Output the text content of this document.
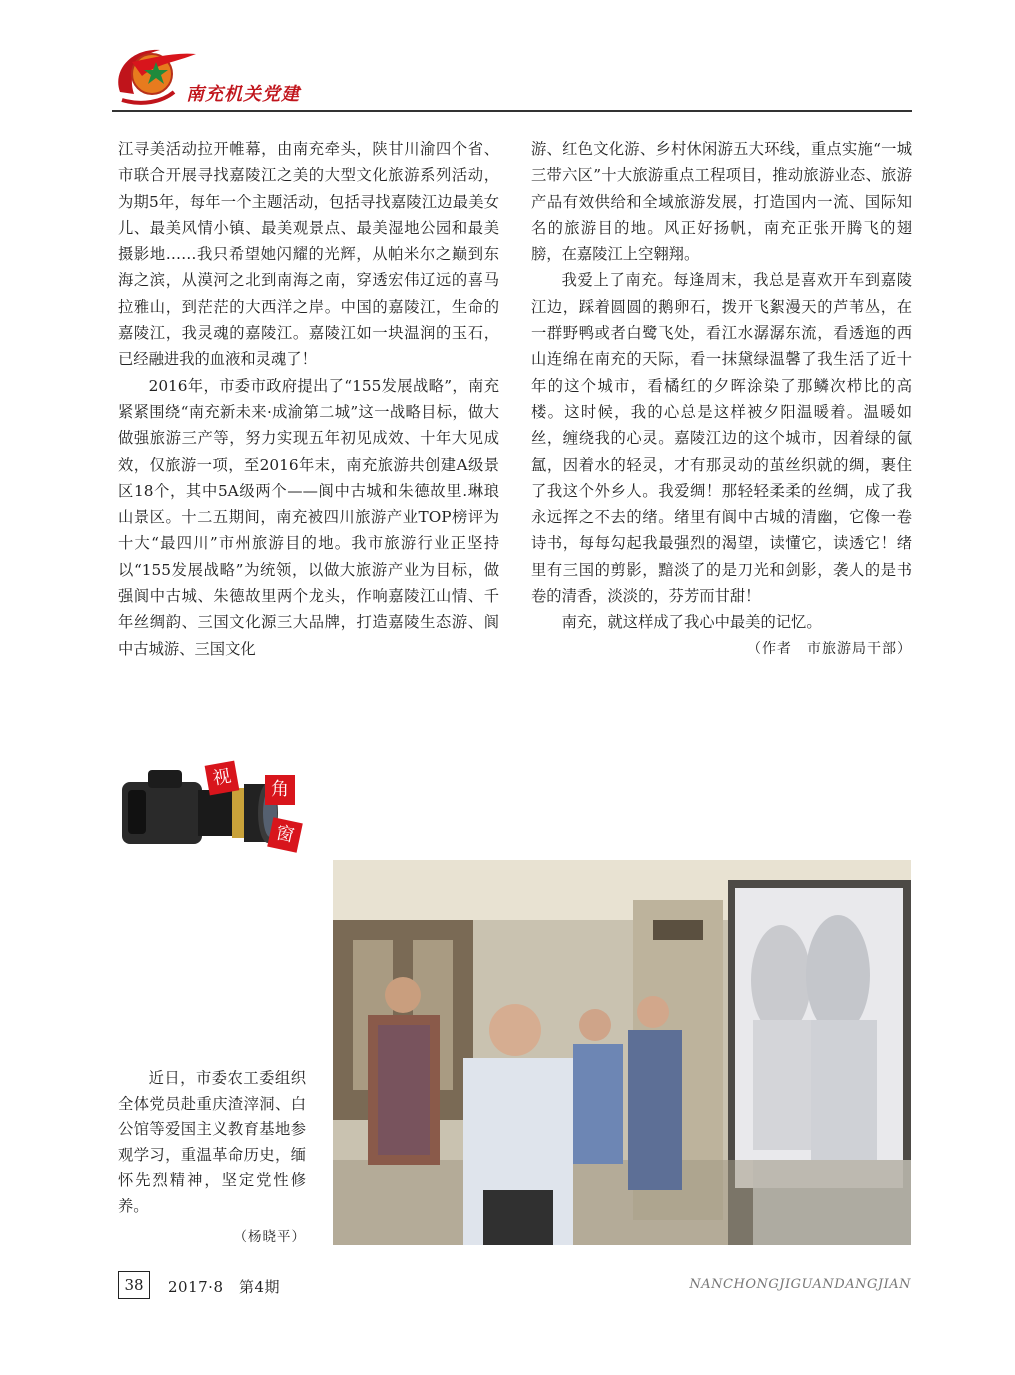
南充机关党建

江寻美活动拉开帷幕，由南充牵头，陕甘川渝四个省、市联合开展寻找嘉陵江之美的大型文化旅游系列活动，为期5年，每年一个主题活动，包括寻找嘉陵江边最美女儿、最美风情小镇、最美观景点、最美湿地公园和最美摄影地……我只希望她闪耀的光辉，从帕米尔之巅到东海之滨，从漠河之北到南海之南，穿透宏伟辽远的喜马拉雅山，到茫茫的大西洋之岸。中国的嘉陵江，生命的嘉陵江，我灵魂的嘉陵江。嘉陵江如一块温润的玉石，已经融进我的血液和灵魂了！

2016年，市委市政府提出了“155发展战略”，南充紧紧围绕“南充新未来·成渝第二城”这一战略目标，做大做强旅游三产等，努力实现五年初见成效、十年大见成效，仅旅游一项，至2016年末，南充旅游共创建A级景区18个，其中5A级两个——阆中古城和朱德故里.琳琅山景区。十二五期间，南充被四川旅游产业TOP榜评为十大“最四川”市州旅游目的地。我市旅游行业正坚持以“155发展战略”为统领，以做大旅游产业为目标，做强阆中古城、朱德故里两个龙头，作响嘉陵江山情、千年丝绸韵、三国文化源三大品牌，打造嘉陵生态游、阆中古城游、三国文化

游、红色文化游、乡村休闲游五大环线，重点实施“一城三带六区”十大旅游重点工程项目，推动旅游业态、旅游产品有效供给和全域旅游发展，打造国内一流、国际知名的旅游目的地。风正好扬帆，南充正张开腾飞的翅膀，在嘉陵江上空翱翔。

我爱上了南充。每逢周末，我总是喜欢开车到嘉陵江边，踩着圆圆的鹅卵石，拨开飞絮漫天的芦苇丛，在一群野鸭或者白鹭飞处，看江水潺潺东流，看透迤的西山连绵在南充的天际，看一抹黛绿温馨了我生活了近十年的这个城市，看橘红的夕晖涂染了那鳞次栉比的高楼。这时候，我的心总是这样被夕阳温暖着。温暖如丝，缠绕我的心灵。嘉陵江边的这个城市，因着绿的氤氲，因着水的轻灵，才有那灵动的茧丝织就的绸，裹住了我这个外乡人。我爱绸！那轻轻柔柔的丝绸，成了我永远挥之不去的绪。绪里有阆中古城的清幽，它像一卷诗书，每每勾起我最强烈的渴望，读懂它，读透它！绪里有三国的剪影，黯淡了的是刀光和剑影，袭人的是书卷的清香，淡淡的，芬芳而甘甜！

南充，就这样成了我心中最美的记忆。

（作者　市旅游局干部）

视
角
窗

近日，市委农工委组织全体党员赴重庆渣滓洞、白公馆等爱国主义教育基地参观学习，重温革命历史，缅怀先烈精神，坚定党性修养。

（杨晓平）

38	2017·8　第4期	NANCHONGJIGUANDANGJIAN
